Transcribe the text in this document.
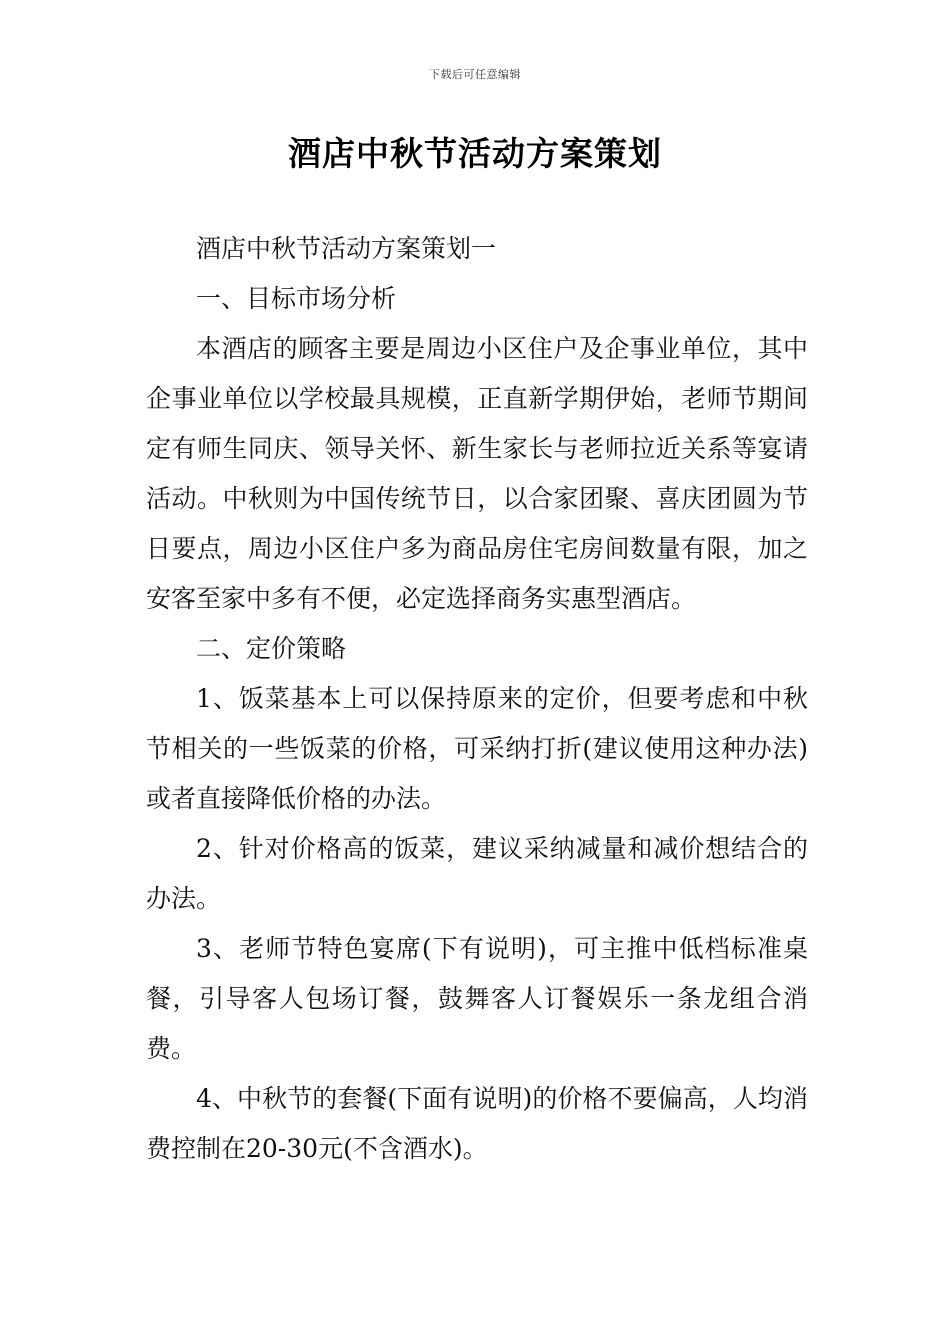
下载后可任意编辑
酒店中秋节活动方案策划

酒店中秋节活动方案策划一

一、目标市场分析

本酒店的顾客主要是周边小区住户及企事业单位，其中企事业单位以学校最具规模，正直新学期伊始，老师节期间定有师生同庆、领导关怀、新生家长与老师拉近关系等宴请活动。中秋则为中国传统节日，以合家团聚、喜庆团圆为节日要点，周边小区住户多为商品房住宅房间数量有限，加之安客至家中多有不便，必定选择商务实惠型酒店。

二、定价策略

1、饭菜基本上可以保持原来的定价，但要考虑和中秋节相关的一些饭菜的价格，可采纳打折(建议使用这种办法)或者直接降低价格的办法。

2、针对价格高的饭菜，建议采纳减量和减价想结合的办法。

3、老师节特色宴席(下有说明)，可主推中低档标准桌餐，引导客人包场订餐，鼓舞客人订餐娱乐一条龙组合消费。

4、中秋节的套餐(下面有说明)的价格不要偏高，人均消费控制在20-30元(不含酒水)。
